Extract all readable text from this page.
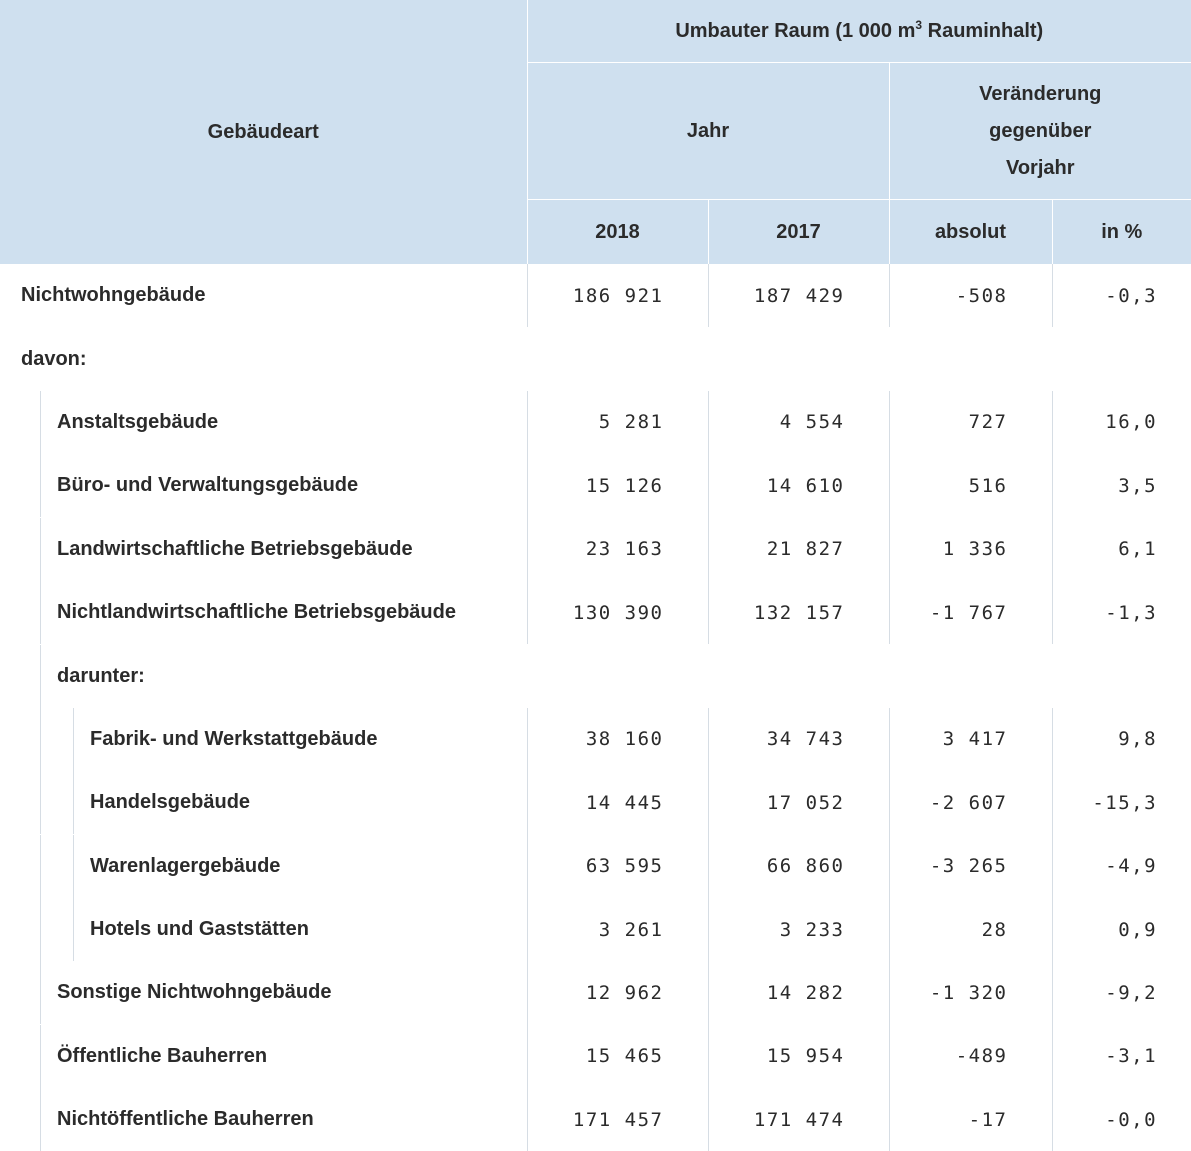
Gebäudeart	Umbauter Raum (1 000 $m^3$ Rauminhalt)			
	Jahr		Veränderung
gegenüber
Vorjahr	
	2018	2017	absolut	in %
Nichtwohngebäude	186 921	187 429	-508	-0,3
davon:				

Anstaltsgebäude	5 281	4 554	727	16,0

Büro- und Verwaltungsgebäude	15 126	14 610	516	3,5

Landwirtschaftliche Betriebsgebäude	23 163	21 827	1 336	6,1

Nichtlandwirtschaftliche Betriebsgebäude	130 390	132 157	-1 767	-1,3

darunter:				

Fabrik- und Werkstattgebäude	38 160	34 743	3 417	9,8

Handelsgebäude	14 445	17 052	-2 607	-15,3

Warenlagergebäude	63 595	66 860	-3 265	-4,9

Hotels und Gaststätten	3 261	3 233	28	0,9

Sonstige Nichtwohngebäude	12 962	14 282	-1 320	-9,2

Öffentliche Bauherren	15 465	15 954	-489	-3,1

Nichtöffentliche Bauherren	171 457	171 474	-17	-0,0
